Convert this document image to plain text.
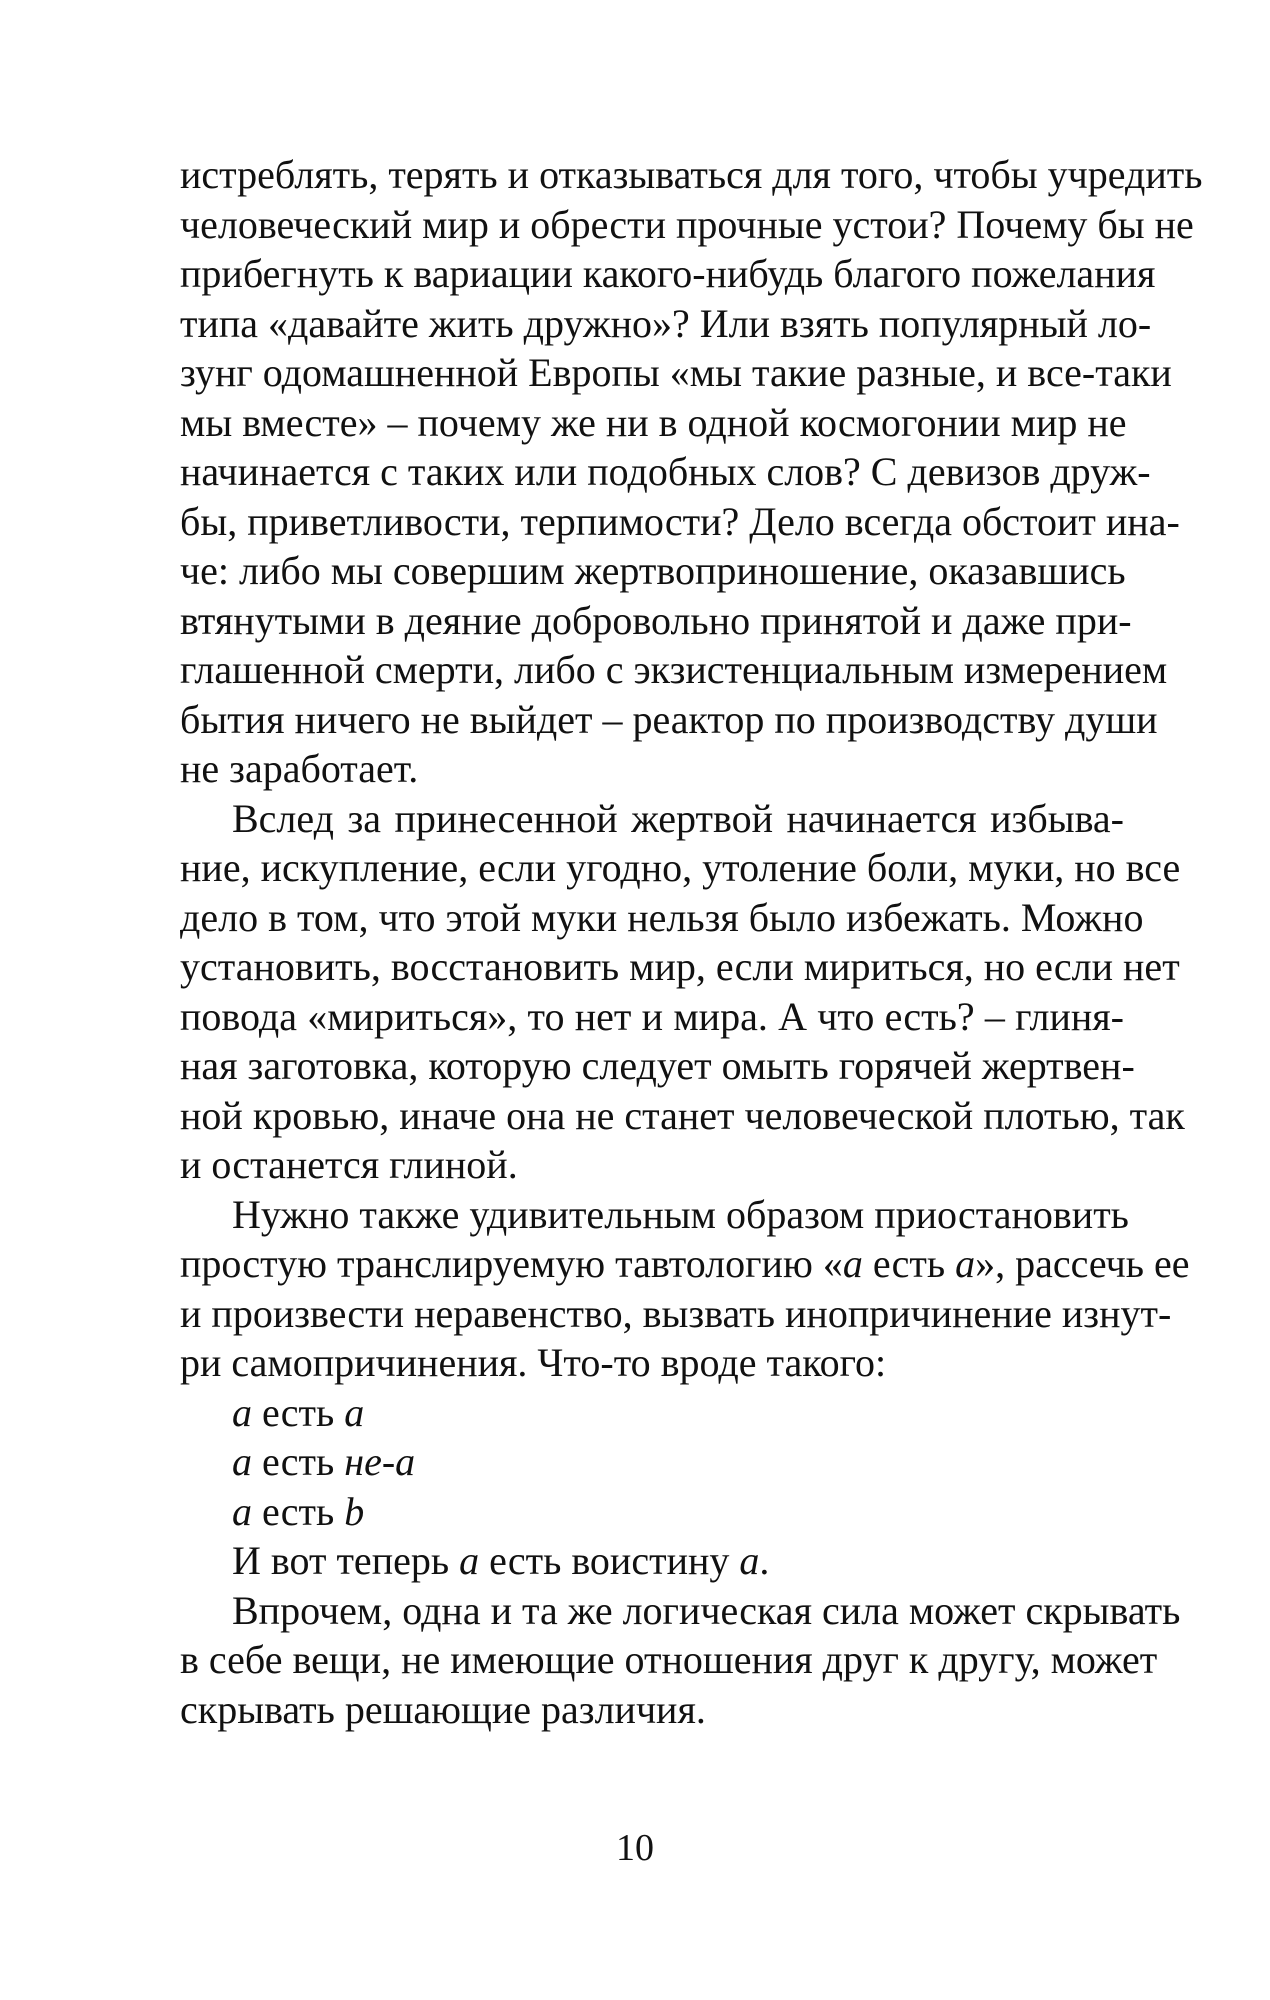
истреблять, терять и отказываться для того, чтобы учредить
человеческий мир и обрести прочные устои? Почему бы не
прибегнуть к вариации какого-нибудь благого пожелания
типа «давайте жить дружно»? Или взять популярный ло-
зунг одомашненной Европы «мы такие разные, и все-таки
мы вместе» – почему же ни в одной космогонии мир не
начинается с таких или подобных слов? С девизов друж-
бы, приветливости, терпимости? Дело всегда обстоит ина-
че: либо мы совершим жертвоприношение, оказавшись
втянутыми в деяние добровольно принятой и даже при-
глашенной смерти, либо с экзистенциальным измерением
бытия ничего не выйдет – реактор по производству души
не заработает.
Вслед за принесенной жертвой начинается избыва-
ние, искупление, если угодно, утоление боли, муки, но все
дело в том, что этой муки нельзя было избежать. Можно
установить, восстановить мир, если мириться, но если нет
повода «мириться», то нет и мира. А что есть? – глиня-
ная заготовка, которую следует омыть горячей жертвен-
ной кровью, иначе она не станет человеческой плотью, так
и останется глиной.
Нужно также удивительным образом приостановить
простую транслируемую тавтологию «а есть а», рассечь ее
и произвести неравенство, вызвать инопричинение изнут-
ри самопричинения. Что-то вроде такого:
а есть а
а есть не-а
а есть b
И вот теперь а есть воистину а.
Впрочем, одна и та же логическая сила может скрывать
в себе вещи, не имеющие отношения друг к другу, может
скрывать решающие различия.
10
